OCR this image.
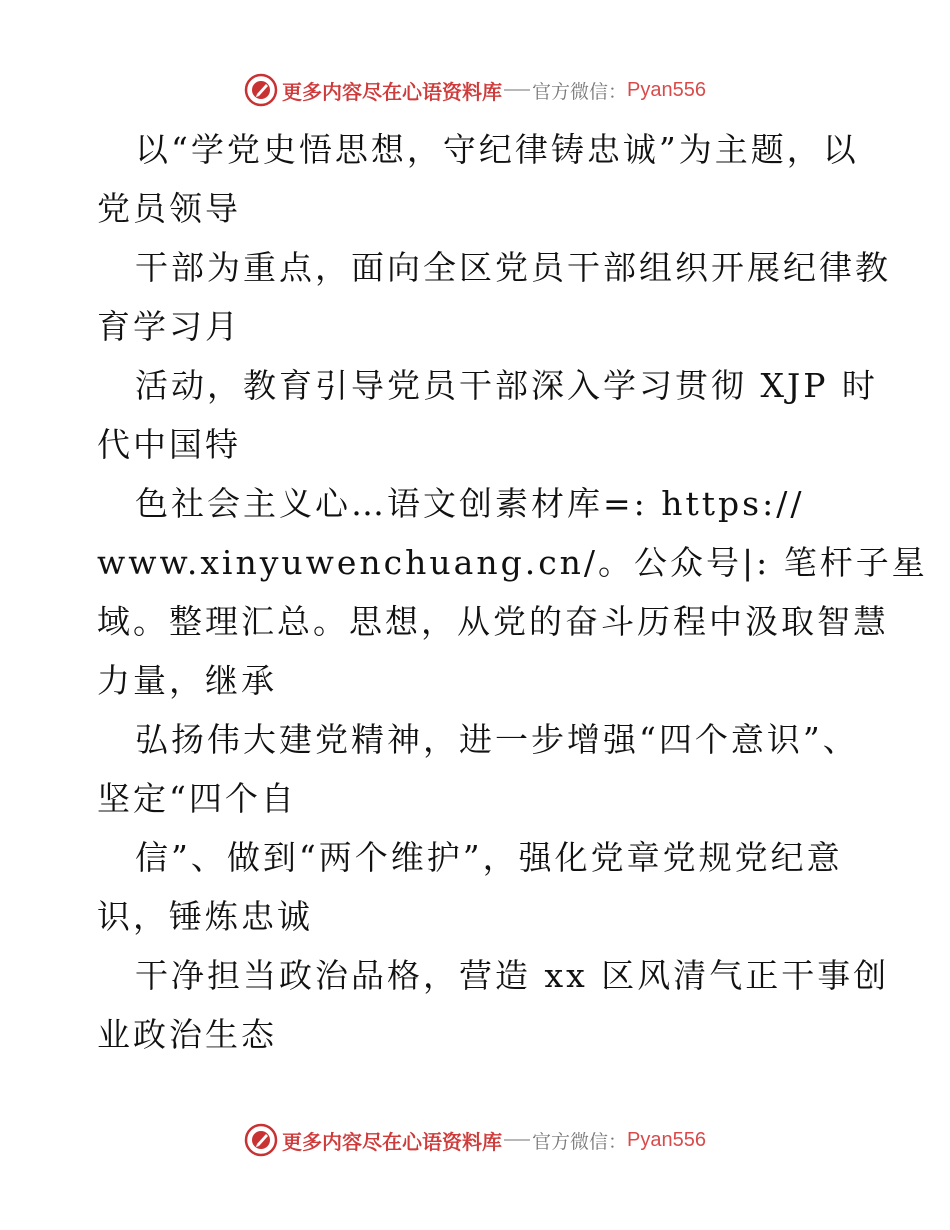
更多内容尽在心语资料库 官方微信： Pyan556
以“学党史悟思想，守纪律铸忠诚”为主题，以
党员领导
干部为重点，面向全区党员干部组织开展纪律教
育学习月
活动，教育引导党员干部深入学习贯彻 XJP 时
代中国特
色社会主义心…语文创素材库=: https://
www.xinyuwenchuang.cn/。公众号|: 笔杆子星
域。整理汇总。思想，从党的奋斗历程中汲取智慧
力量，继承
弘扬伟大建党精神，进一步增强“四个意识”、
坚定“四个自
信”、做到“两个维护”，强化党章党规党纪意
识，锤炼忠诚
干净担当政治品格，营造 xx 区风清气正干事创
业政治生态
更多内容尽在心语资料库 官方微信： Pyan556
